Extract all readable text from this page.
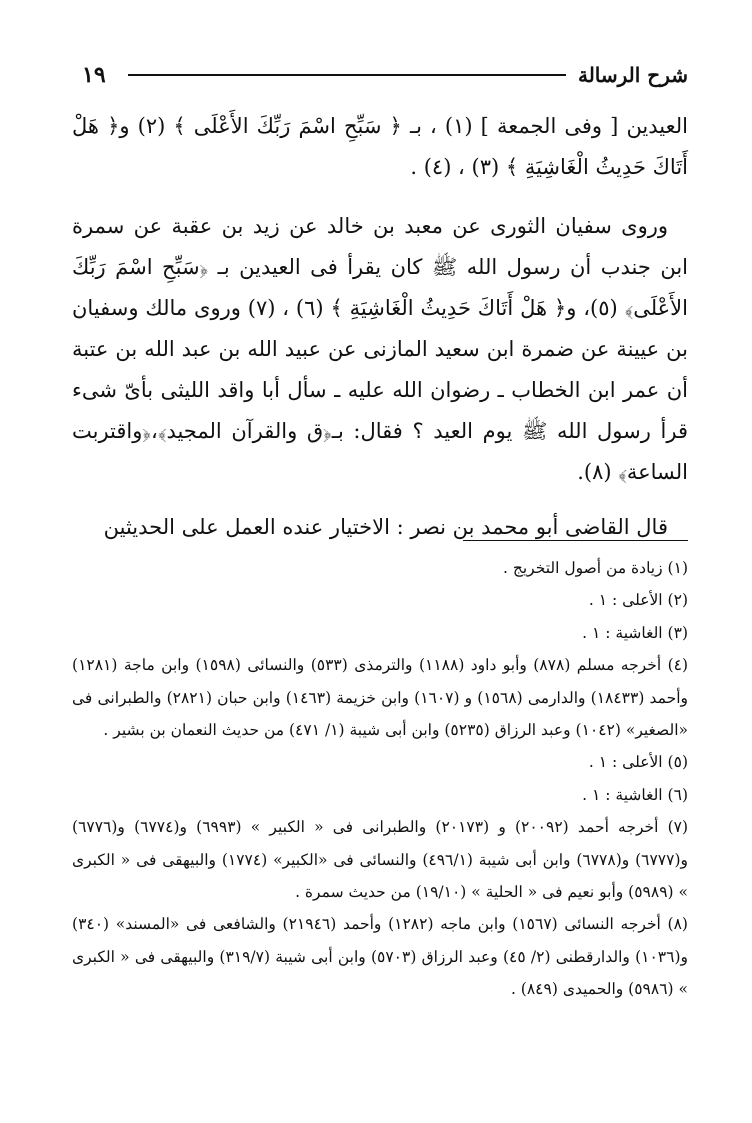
١٩	شرح الرسالة

العيدين [ وفى الجمعة ] (١) ، بـ ﴿ سَبِّحِ اسْمَ رَبِّكَ الأَعْلَى ﴾ (٢) و﴿ هَلْ أَتَاكَ حَدِيثُ الْغَاشِيَةِ ﴾ (٣) ، (٤) .

وروى سفيان الثورى عن معبد بن خالد عن زيد بن عقبة عن سمرة ابن جندب أن رسول الله ﷺ كان يقرأ فى العيدين بـ ﴿سَبِّحِ اسْمَ رَبِّكَ الأَعْلَى﴾ (٥)، و﴿ هَلْ أَتَاكَ حَدِيثُ الْغَاشِيَةِ ﴾ (٦) ، (٧) وروى مالك وسفيان بن عيينة عن ضمرة ابن سعيد المازنى عن عبيد الله بن عبد الله بن عتبة أن عمر ابن الخطاب ـ رضوان الله عليه ـ سأل أبا واقد الليثى بأىّ شىء قرأ رسول الله ﷺ يوم العيد ؟ فقال: بـ﴿ق والقرآن المجيد﴾،﴿واقتربت الساعة﴾ (٨).

قال القاضى أبو محمد بن نصر : الاختيار عنده العمل على الحديثين

(١) زيادة من أصول التخريج .

(٢) الأعلى : ١ .

(٣) الغاشية : ١ .

(٤) أخرجه مسلم (٨٧٨) وأبو داود (١١٨٨) والترمذى (٥٣٣) والنسائى (١٥٩٨) وابن ماجة (١٢٨١) وأحمد (١٨٤٣٣) والدارمى (١٥٦٨) و (١٦٠٧) وابن خزيمة (١٤٦٣) وابن حبان (٢٨٢١) والطبرانى فى «الصغير» (١٠٤٢) وعبد الرزاق (٥٢٣٥) وابن أبى شيبة (١/ ٤٧١) من حديث النعمان بن بشير .

(٥) الأعلى : ١ .

(٦) الغاشية : ١ .

(٧) أخرجه أحمد (٢٠٠٩٢) و (٢٠١٧٣) والطبرانى فى « الكبير » (٦٩٩٣) و(٦٧٧٤) و(٦٧٧٦) و(٦٧٧٧) و(٦٧٧٨) وابن أبى شيبة (٤٩٦/١) والنسائى فى «الكبير» (١٧٧٤) والبيهقى فى « الكبرى » (٥٩٨٩) وأبو نعيم فى « الحلية » (١٩/١٠) من حديث سمرة .

(٨) أخرجه النسائى (١٥٦٧) وابن ماجه (١٢٨٢) وأحمد (٢١٩٤٦) والشافعى فى «المسند» (٣٤٠) و(١٠٣٦) والدارقطنى (٢/ ٤٥) وعبد الرزاق (٥٧٠٣) وابن أبى شيبة (٣١٩/٧) والبيهقى فى « الكبرى » (٥٩٨٦) والحميدى (٨٤٩) .
